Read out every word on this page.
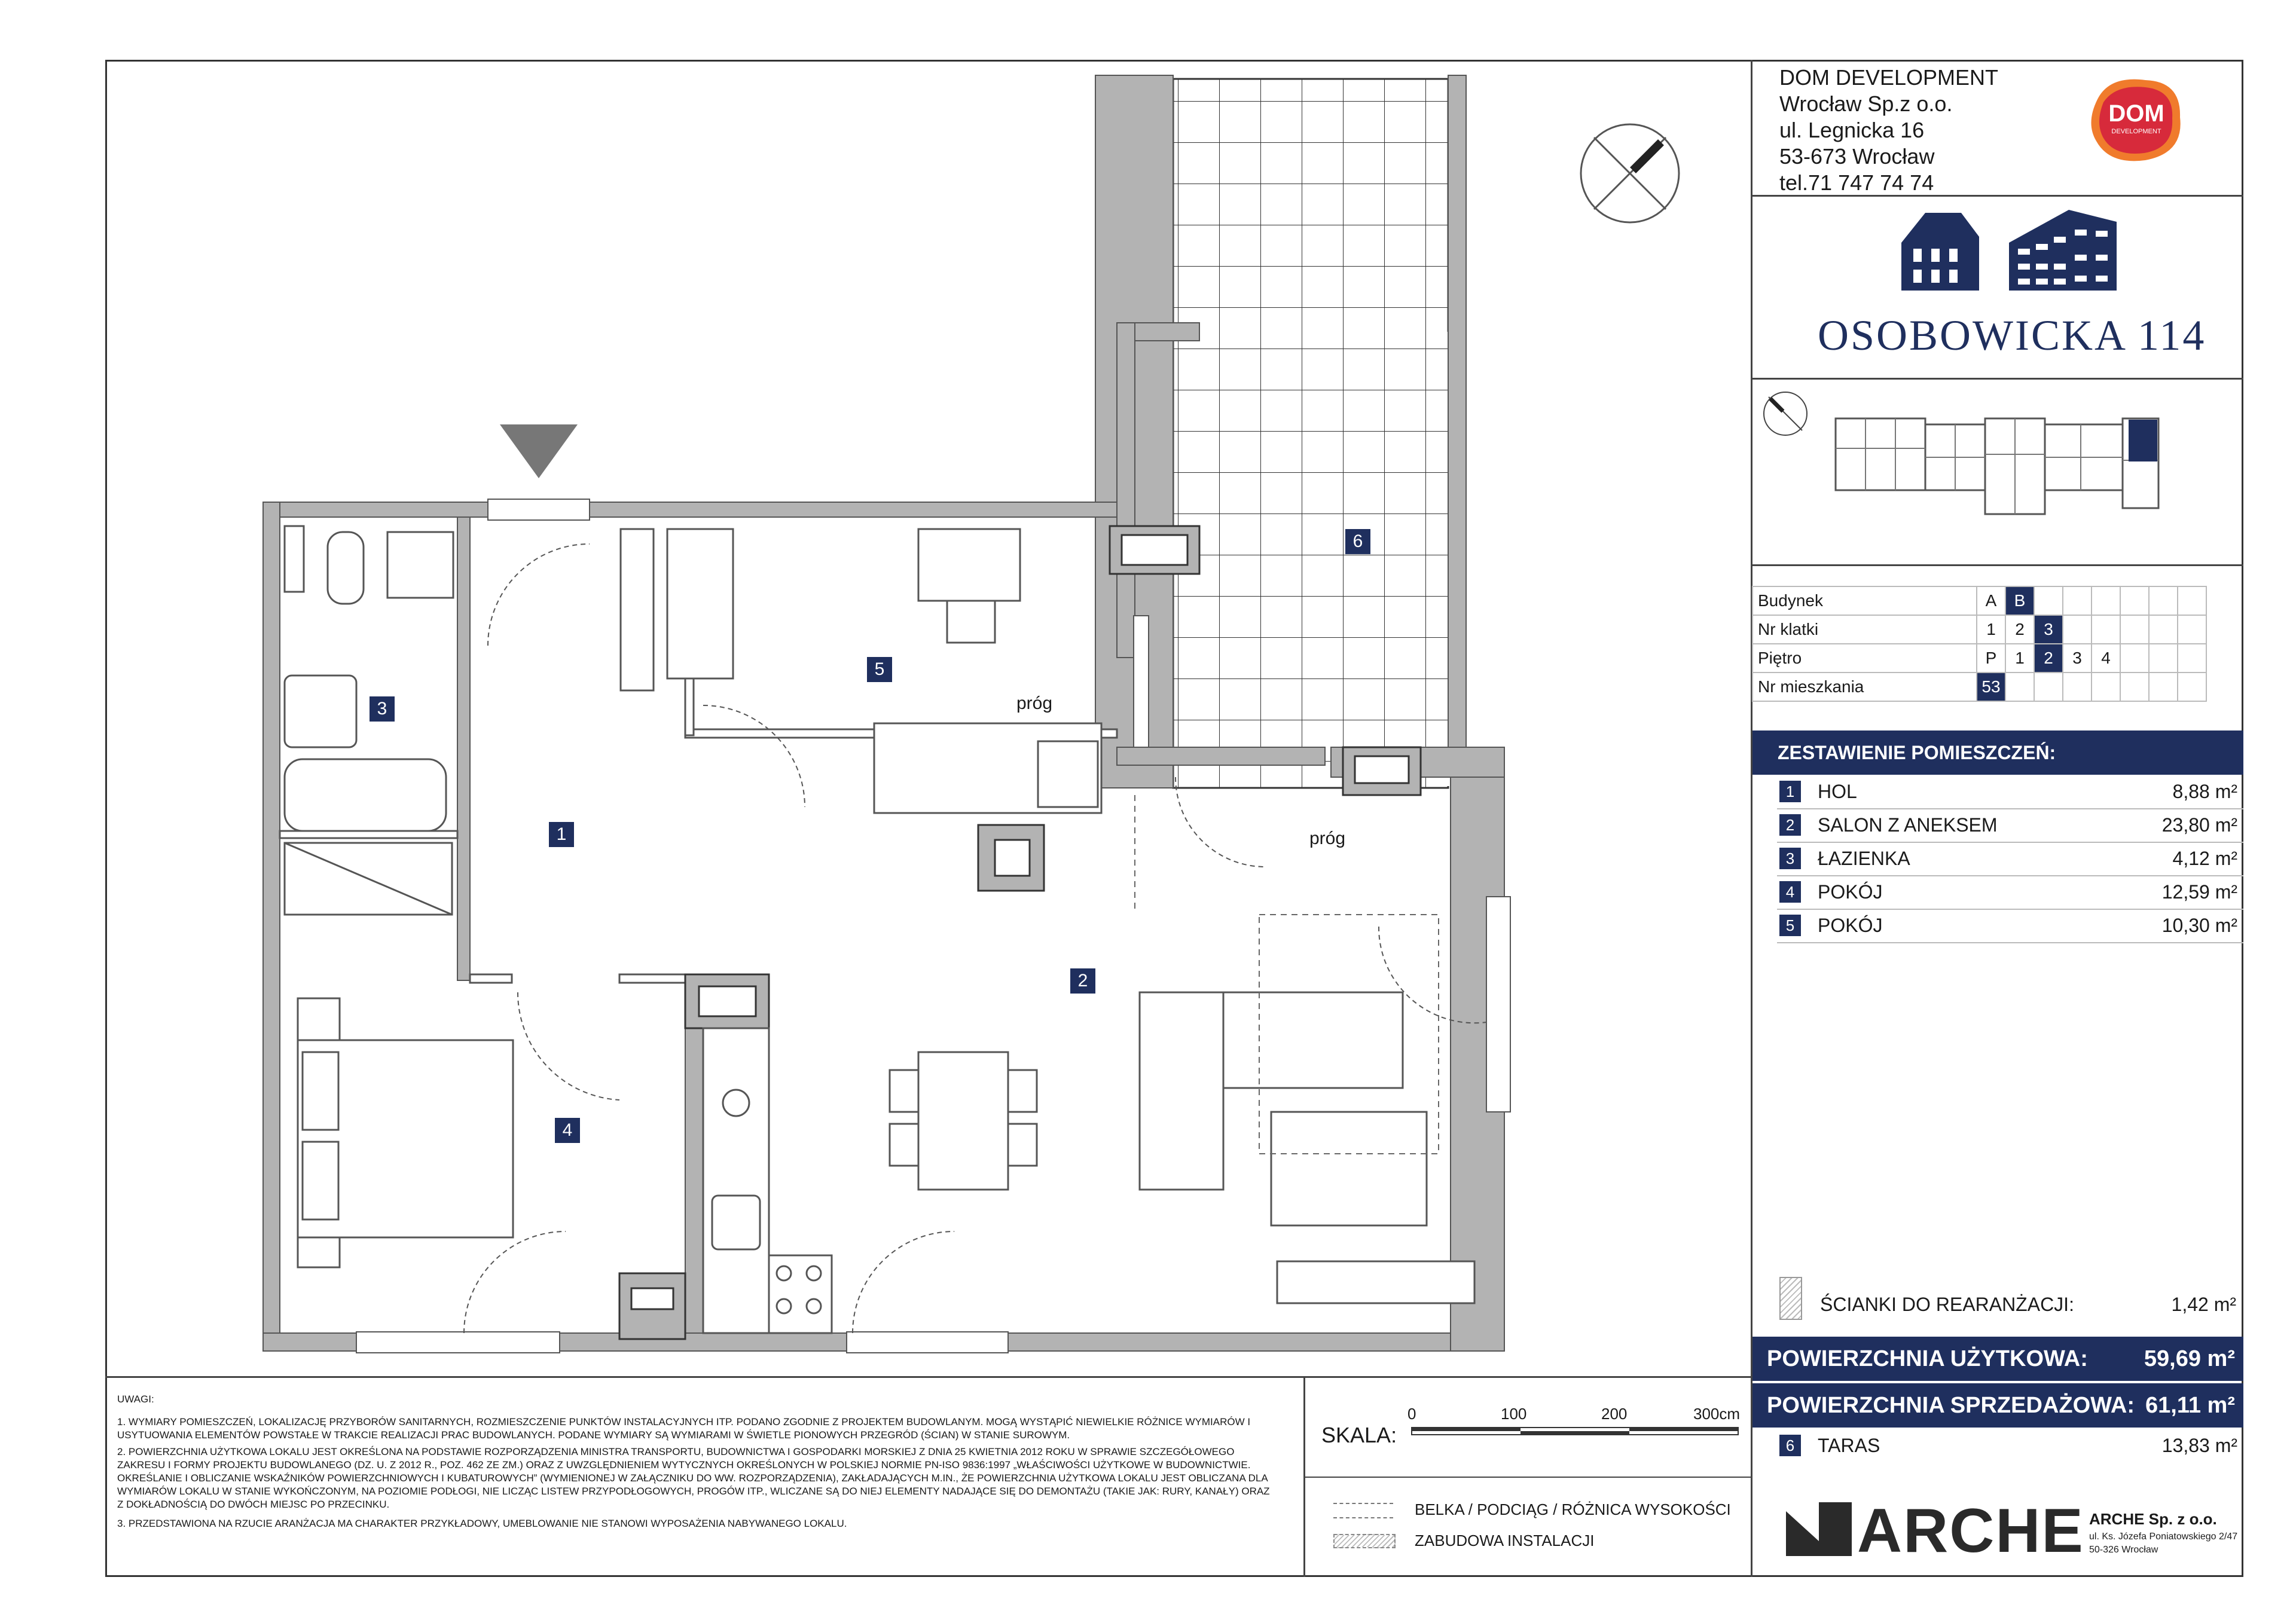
DOM DEVELOPMENT
Wrocław Sp.z o.o.
ul. Legnicka 16
53-673 Wrocław
tel.71 747 74 74
DOM
DEVELOPMENT
OSOBOWICKA 114
Budynek	A	B						
Nr klatki	1	2	3					
Piętro	P	1	2	3	4			
Nr mieszkania	53							
ZESTAWIENIE POMIESZCZEŃ:
1	HOL	8,88 m²
2	SALON Z ANEKSEM	23,80 m²
3	ŁAZIENKA	4,12 m²
4	POKÓJ	12,59 m²
5	POKÓJ	10,30 m²
ŚCIANKI DO REARANŻACJI:	1,42 m²
POWIERZCHNIA UŻYTKOWA: 59,69 m²
POWIERZCHNIA SPRZEDAŻOWA: 61,11 m²
6	TARAS	13,83 m²
ARCHE ARCHE Sp. z o.o.
ul. Ks. Józefa Poniatowskiego 2/47
50-326 Wrocław
SKALA:
0	100	200	300cm
BELKA / PODCIĄG / RÓŻNICA WYSOKOŚCI
ZABUDOWA INSTALACJI

UWAGI:

1. WYMIARY POMIESZCZEŃ, LOKALIZACJĘ PRZYBORÓW SANITARNYCH, ROZMIESZCZENIE PUNKTÓW INSTALACYJNYCH ITP. PODANO ZGODNIE Z PROJEKTEM BUDOWLANYM. MOGĄ WYSTĄPIĆ NIEWIELKIE RÓŻNICE WYMIARÓW I USYTUOWANIA ELEMENTÓW POWSTAŁE W TRAKCIE REALIZACJI PRAC BUDOWLANYCH. PODANE WYMIARY SĄ WYMIARAMI W ŚWIETLE PIONOWYCH PRZEGRÓD (ŚCIAN) W STANIE SUROWYM.

2. POWIERZCHNIA UŻYTKOWA LOKALU JEST OKREŚLONA NA PODSTAWIE ROZPORZĄDZENIA MINISTRA TRANSPORTU, BUDOWNICTWA I GOSPODARKI MORSKIEJ Z DNIA 25 KWIETNIA 2012 ROKU W SPRAWIE SZCZEGÓŁOWEGO ZAKRESU I FORMY PROJEKTU BUDOWLANEGO (DZ. U. Z 2012 R., POZ. 462 ZE ZM.) ORAZ Z UWZGLĘDNIENIEM WYTYCZNYCH OKREŚLONYCH W POLSKIEJ NORMIE PN-ISO 9836:1997 „WŁAŚCIWOŚCI UŻYTKOWE W BUDOWNICTWIE. OKREŚLANIE I OBLICZANIE WSKAŹNIKÓW POWIERZCHNIOWYCH I KUBATUROWYCH” (WYMIENIONEJ W ZAŁĄCZNIKU DO WW. ROZPORZĄDZENIA), ZAKŁADAJĄCYCH M.IN., ŻE POWIERZCHNIA UŻYTKOWA LOKALU JEST OBLICZANA DLA WYMIARÓW LOKALU W STANIE WYKOŃCZONYM, NA POZIOMIE PODŁOGI, NIE LICZĄC LISTEW PRZYPODŁOGOWYCH, PROGÓW ITP., WLICZANE SĄ DO NIEJ ELEMENTY NADAJĄCE SIĘ DO DEMONTAŻU (TAKIE JAK: RURY, KANAŁY) ORAZ Z DOKŁADNOŚCIĄ DO DWÓCH MIEJSC PO PRZECINKU.

3. PRZEDSTAWIONA NA RZUCIE ARANŻACJA MA CHARAKTER PRZYKŁADOWY, UMEBLOWANIE NIE STANOWI WYPOSAŻENIA NABYWANEGO LOKALU.

1
2
3
4
5
6
próg
próg
